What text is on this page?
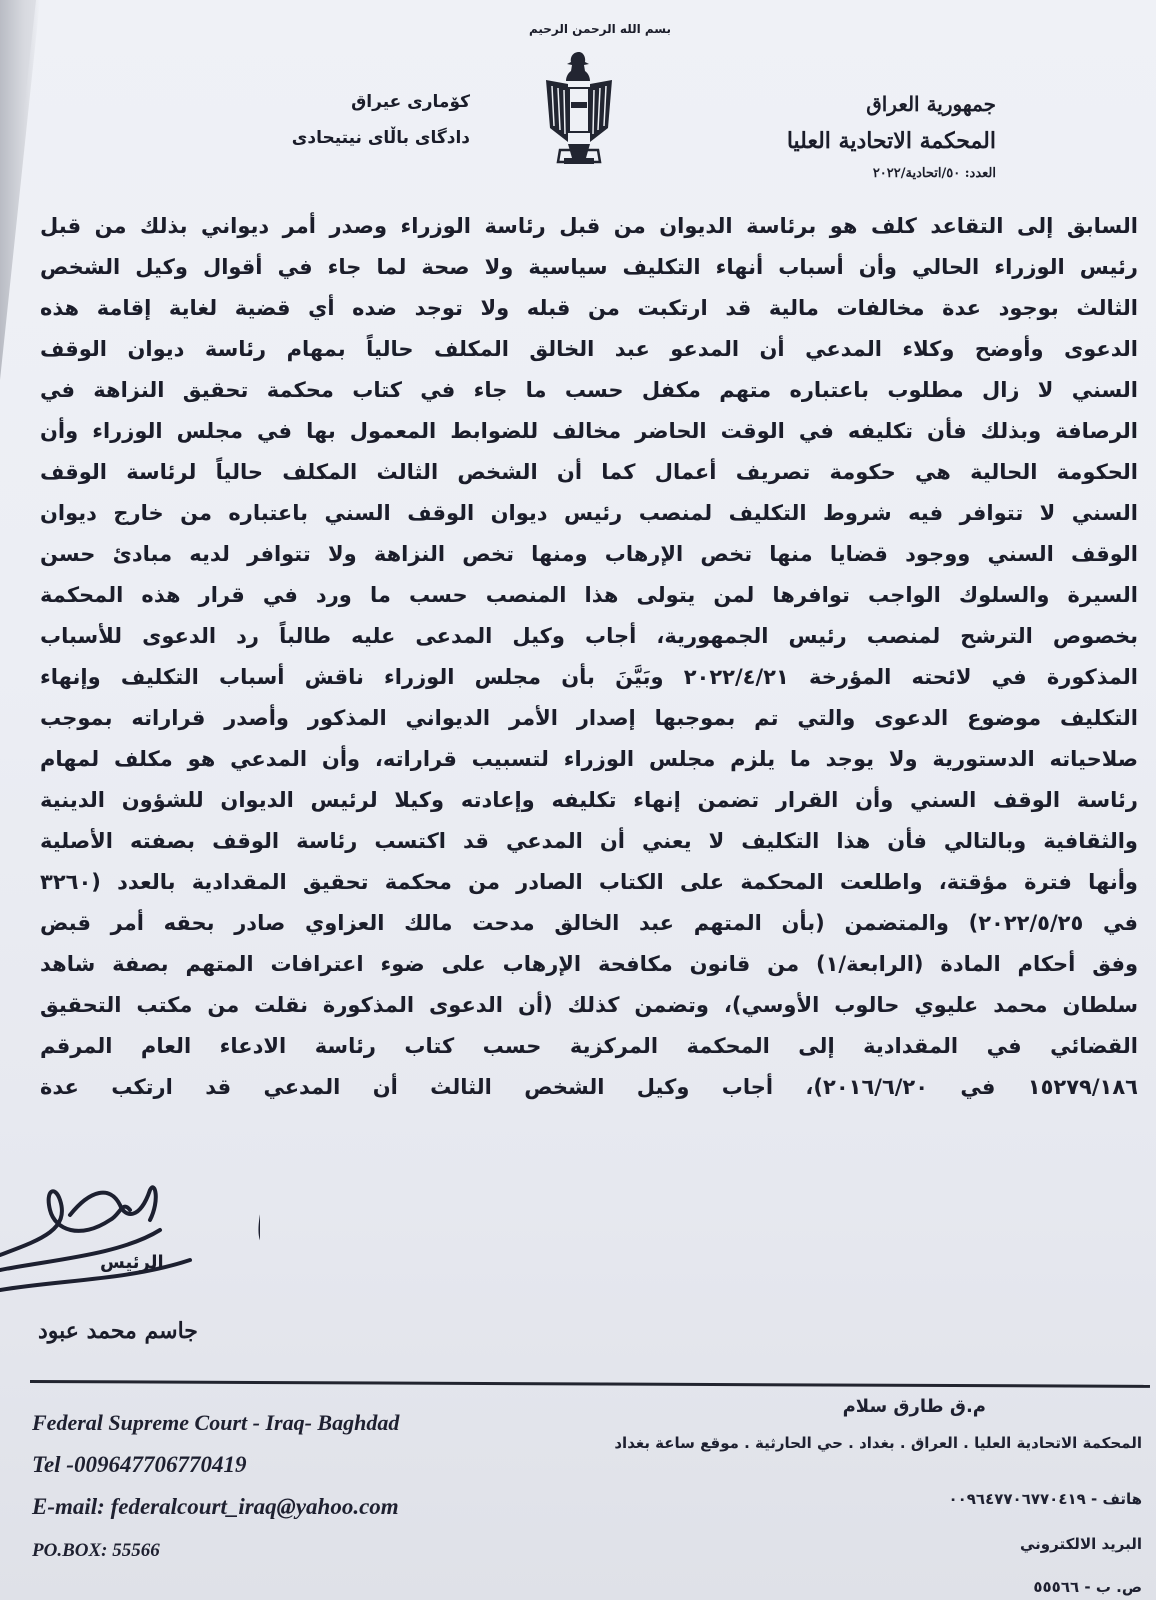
بسم الله الرحمن الرحيم
جمهورية العراق
المحكمة الاتحادية العليا
العدد: ٥٠/اتحادية/٢٠٢٢
كۆماری عیراق
دادگای باڵای نیتیحادی
السابق إلى التقاعد كلف هو برئاسة الديوان من قبل رئاسة الوزراء وصدر أمر ديواني بذلك من قبل
رئيس الوزراء الحالي وأن أسباب أنهاء التكليف سياسية ولا صحة لما جاء في أقوال وكيل الشخص
الثالث بوجود عدة مخالفات مالية قد ارتكبت من قبله ولا توجد ضده أي قضية لغاية إقامة هذه
الدعوى وأوضح وكلاء المدعي أن المدعو عبد الخالق المكلف حالياً بمهام رئاسة ديوان الوقف
السني لا زال مطلوب باعتباره متهم مكفل حسب ما جاء في كتاب محكمة تحقيق النزاهة في
الرصافة وبذلك فأن تكليفه في الوقت الحاضر مخالف للضوابط المعمول بها في مجلس الوزراء وأن
الحكومة الحالية هي حكومة تصريف أعمال كما أن الشخص الثالث المكلف حالياً لرئاسة الوقف
السني لا تتوافر فيه شروط التكليف لمنصب رئيس ديوان الوقف السني باعتباره من خارج ديوان
الوقف السني ووجود قضايا منها تخص الإرهاب ومنها تخص النزاهة ولا تتوافر لديه مبادئ حسن
السيرة والسلوك الواجب توافرها لمن يتولى هذا المنصب حسب ما ورد في قرار هذه المحكمة
بخصوص الترشح لمنصب رئيس الجمهورية، أجاب وكيل المدعى عليه طالباً رد الدعوى للأسباب
المذكورة في لائحته المؤرخة ٢٠٢٢/٤/٢١ وبَيَّنَ بأن مجلس الوزراء ناقش أسباب التكليف وإنهاء
التكليف موضوع الدعوى والتي تم بموجبها إصدار الأمر الديواني المذكور وأصدر قراراته بموجب
صلاحياته الدستورية ولا يوجد ما يلزم مجلس الوزراء لتسبيب قراراته، وأن المدعي هو مكلف لمهام
رئاسة الوقف السني وأن القرار تضمن إنهاء تكليفه وإعادته وكيلا لرئيس الديوان للشؤون الدينية
والثقافية وبالتالي فأن هذا التكليف لا يعني أن المدعي قد اكتسب رئاسة الوقف بصفته الأصلية
وأنها فترة مؤقتة، واطلعت المحكمة على الكتاب الصادر من محكمة تحقيق المقدادية بالعدد (٣٢٦٠
في ٢٠٢٢/٥/٢٥) والمتضمن (بأن المتهم عبد الخالق مدحت مالك العزاوي صادر بحقه أمر قبض
وفق أحكام المادة (الرابعة/١) من قانون مكافحة الإرهاب على ضوء اعترافات المتهم بصفة شاهد
سلطان محمد عليوي حالوب الأوسي)، وتضمن كذلك (أن الدعوى المذكورة نقلت من مكتب التحقيق
القضائي في المقدادية إلى المحكمة المركزية حسب كتاب رئاسة الادعاء العام المرقم
١٥٢٧٩/١٨٦ في ٢٠١٦/٦/٢٠)، أجاب وكيل الشخص الثالث أن المدعي قد ارتكب عدة
الرئيس
جاسم محمد عبود
Federal Supreme Court - Iraq- Baghdad
Tel -009647706770419
E-mail: federalcourt_iraq@yahoo.com
PO.BOX: 55566
م.ق طارق سلام
المحكمة الاتحادية العليا . العراق . بغداد . حي الحارثية . موقع ساعة بغداد
هاتف - ٠٠٩٦٤٧٧٠٦٧٧٠٤١٩
البريد الالكتروني
ص. ب - ٥٥٥٦٦
